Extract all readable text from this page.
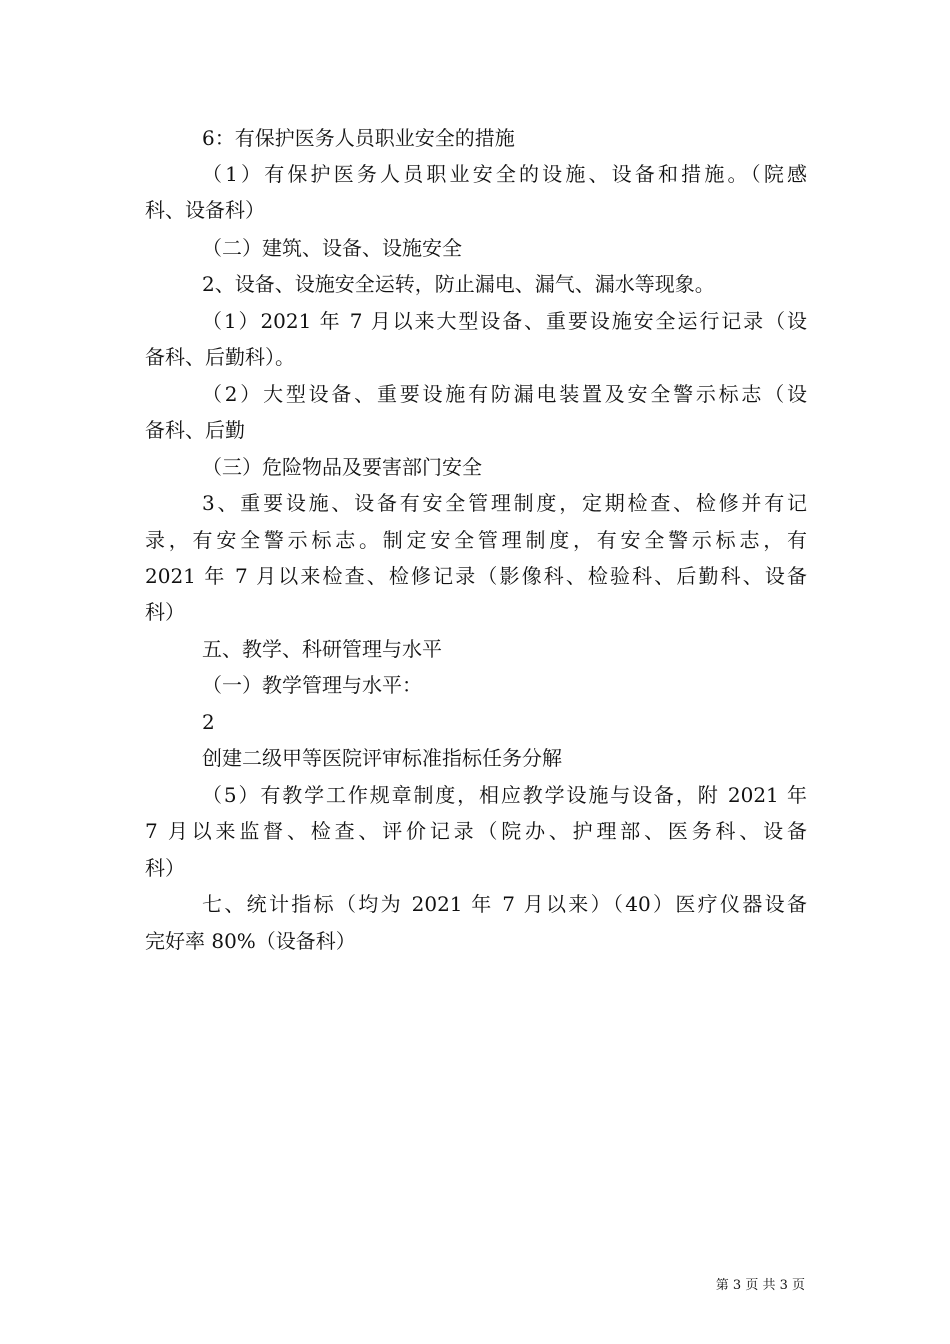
6：有保护医务人员职业安全的措施
（1）有保护医务人员职业安全的设施、设备和措施。（院感
科、设备科）
（二）建筑、设备、设施安全
2、设备、设施安全运转，防止漏电、漏气、漏水等现象。
（1）2021 年 7 月以来大型设备、重要设施安全运行记录（设
备科、后勤科）。
（2）大型设备、重要设施有防漏电装置及安全警示标志（设
备科、后勤
（三）危险物品及要害部门安全
3、重要设施、设备有安全管理制度，定期检查、检修并有记
录，有安全警示标志。制定安全管理制度，有安全警示标志，有
2021 年 7 月以来检查、检修记录（影像科、检验科、后勤科、设备
科）
五、教学、科研管理与水平
（一）教学管理与水平：
2
创建二级甲等医院评审标准指标任务分解
（5）有教学工作规章制度，相应教学设施与设备，附 2021 年
7 月以来监督、检查、评价记录（院办、护理部、医务科、设备
科）
七、统计指标（均为 2021 年 7 月以来）（40）医疗仪器设备
完好率 80%（设备科）
第 3 页 共 3 页
